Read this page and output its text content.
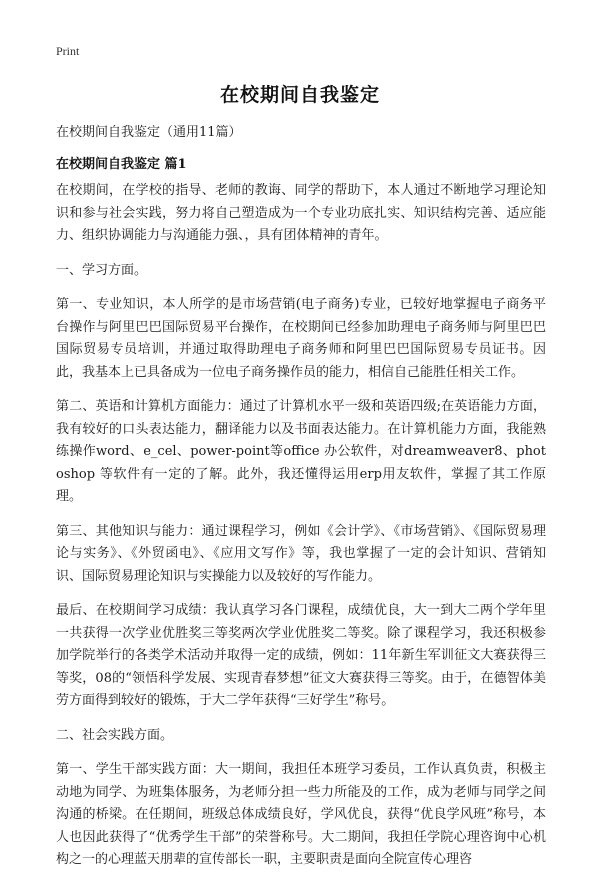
Print
在校期间自我鉴定
在校期间自我鉴定（通用11篇）
在校期间自我鉴定 篇1

在校期间，在学校的指导、老师的教诲、同学的帮助下，本人通过不断地学习理论知识和参与社会实践，努力将自己塑造成为一个专业功底扎实、知识结构完善、适应能力、组织协调能力与沟通能力强、，具有团体精神的青年。

一、学习方面。

第一、专业知识，本人所学的是市场营销(电子商务)专业，已较好地掌握电子商务平台操作与阿里巴巴国际贸易平台操作，在校期间已经参加助理电子商务师与阿里巴巴国际贸易专员培训，并通过取得助理电子商务师和阿里巴巴国际贸易专员证书。因此，我基本上已具备成为一位电子商务操作员的能力，相信自己能胜任相关工作。

第二、英语和计算机方面能力：通过了计算机水平一级和英语四级;在英语能力方面，我有较好的口头表达能力，翻译能力以及书面表达能力。在计算机能力方面，我能熟练操作word、e_cel、power-point等office 办公软件，对dreamweaver8、photoshop 等软件有一定的了解。此外，我还懂得运用erp用友软件，掌握了其工作原理。

第三、其他知识与能力：通过课程学习，例如《会计学》、《市场营销》、《国际贸易理论与实务》、《外贸函电》、《应用文写作》等，我也掌握了一定的会计知识、营销知识、国际贸易理论知识与实操能力以及较好的写作能力。

最后、在校期间学习成绩：我认真学习各门课程，成绩优良，大一到大二两个学年里一共获得一次学业优胜奖三等奖两次学业优胜奖二等奖。除了课程学习，我还积极参加学院举行的各类学术活动并取得一定的成绩，例如：11年新生军训征文大赛获得三等奖，08的“领悟科学发展、实现青春梦想”征文大赛获得三等奖。由于，在德智体美劳方面得到较好的锻炼，于大二学年获得“三好学生”称号。

二、社会实践方面。

第一、学生干部实践方面：大一期间，我担任本班学习委员，工作认真负责，积极主动地为同学、为班集体服务，为老师分担一些力所能及的工作，成为老师与同学之间沟通的桥梁。在任期间，班级总体成绩良好，学风优良，获得“优良学风班”称号，本人也因此获得了“优秀学生干部”的荣誉称号。大二期间，我担任学院心理咨询中心机构之一的心理蓝天朋辈的宣传部长一职，主要职责是面向全院宣传心理咨
